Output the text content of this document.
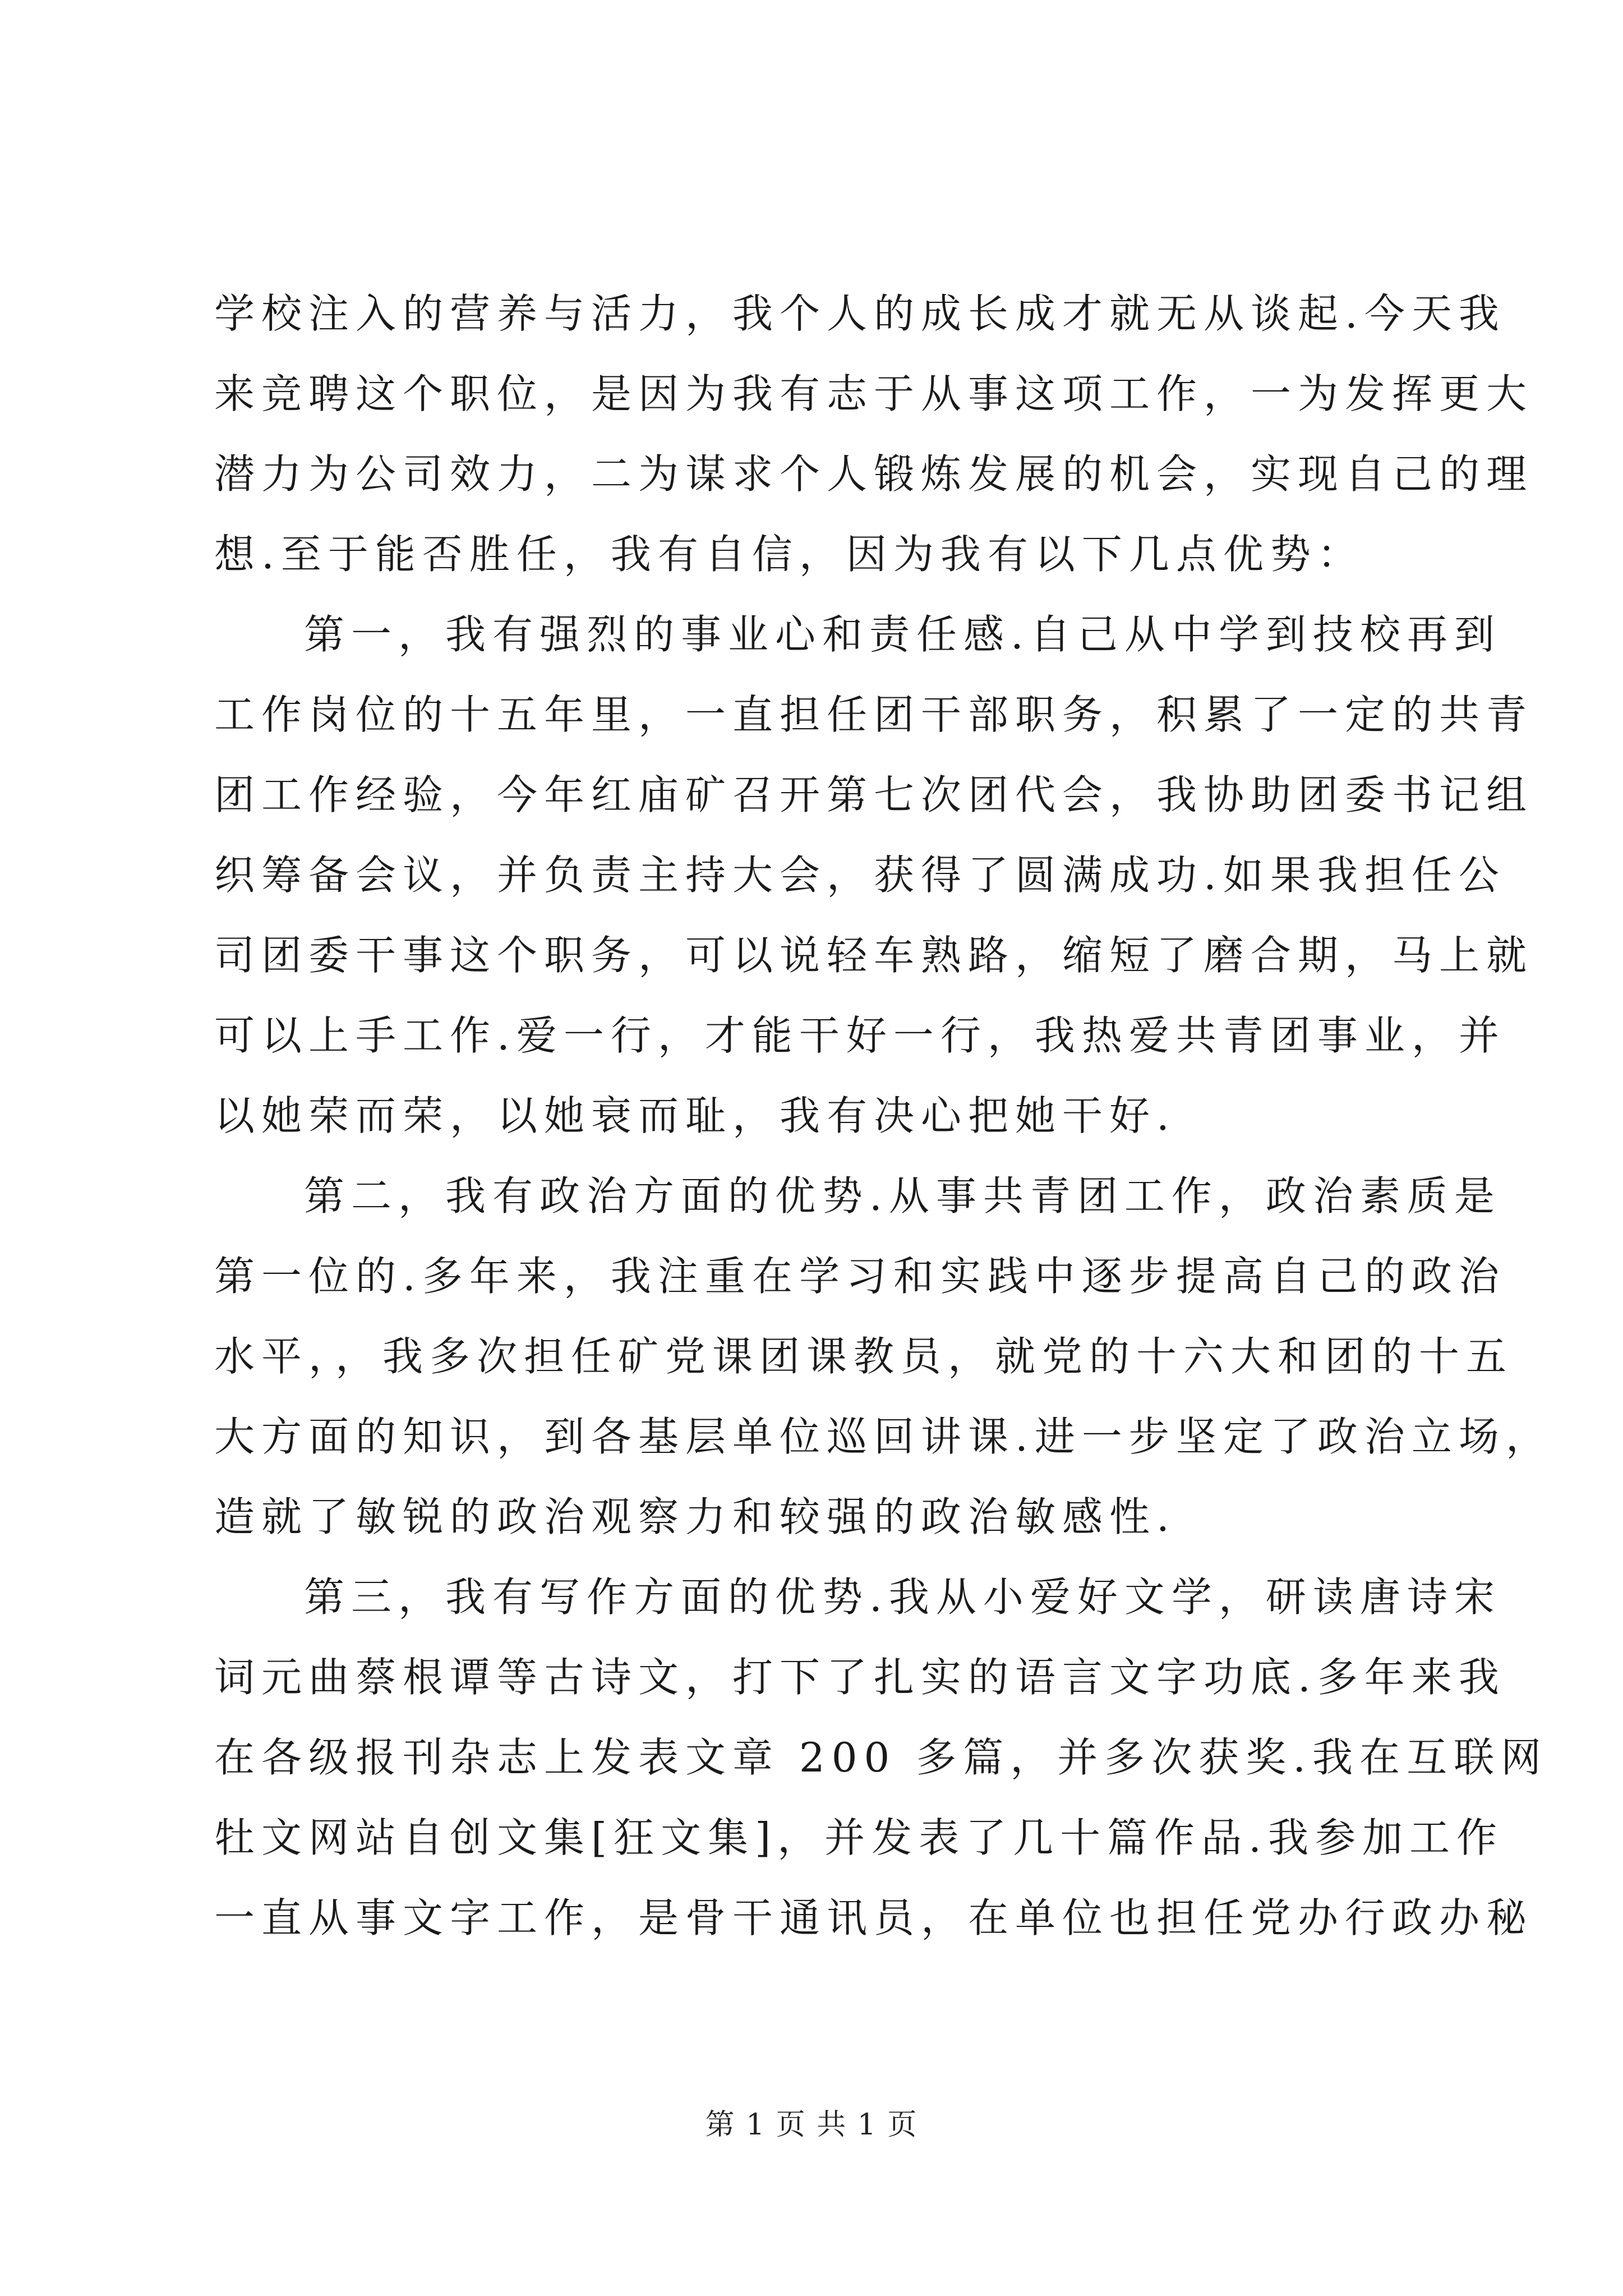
学校注入的营养与活力，我个人的成长成才就无从谈起.今天我
来竞聘这个职位，是因为我有志于从事这项工作，一为发挥更大
潜力为公司效力，二为谋求个人锻炼发展的机会，实现自己的理
想.至于能否胜任，我有自信，因为我有以下几点优势：
第一，我有强烈的事业心和责任感.自己从中学到技校再到
工作岗位的十五年里，一直担任团干部职务，积累了一定的共青
团工作经验，今年红庙矿召开第七次团代会，我协助团委书记组
织筹备会议，并负责主持大会，获得了圆满成功.如果我担任公
司团委干事这个职务，可以说轻车熟路，缩短了磨合期，马上就
可以上手工作.爱一行，才能干好一行，我热爱共青团事业，并
以她荣而荣，以她衰而耻，我有决心把她干好.
第二，我有政治方面的优势.从事共青团工作，政治素质是
第一位的.多年来，我注重在学习和实践中逐步提高自己的政治
水平，，我多次担任矿党课团课教员，就党的十六大和团的十五
大方面的知识，到各基层单位巡回讲课.进一步坚定了政治立场，
造就了敏锐的政治观察力和较强的政治敏感性.
第三，我有写作方面的优势.我从小爱好文学，研读唐诗宋
词元曲蔡根谭等古诗文，打下了扎实的语言文字功底.多年来我
在各级报刊杂志上发表文章 200 多篇，并多次获奖.我在互联网
牡文网站自创文集[狂文集]，并发表了几十篇作品.我参加工作
一直从事文字工作，是骨干通讯员，在单位也担任党办行政办秘
第 1 页 共 1 页
